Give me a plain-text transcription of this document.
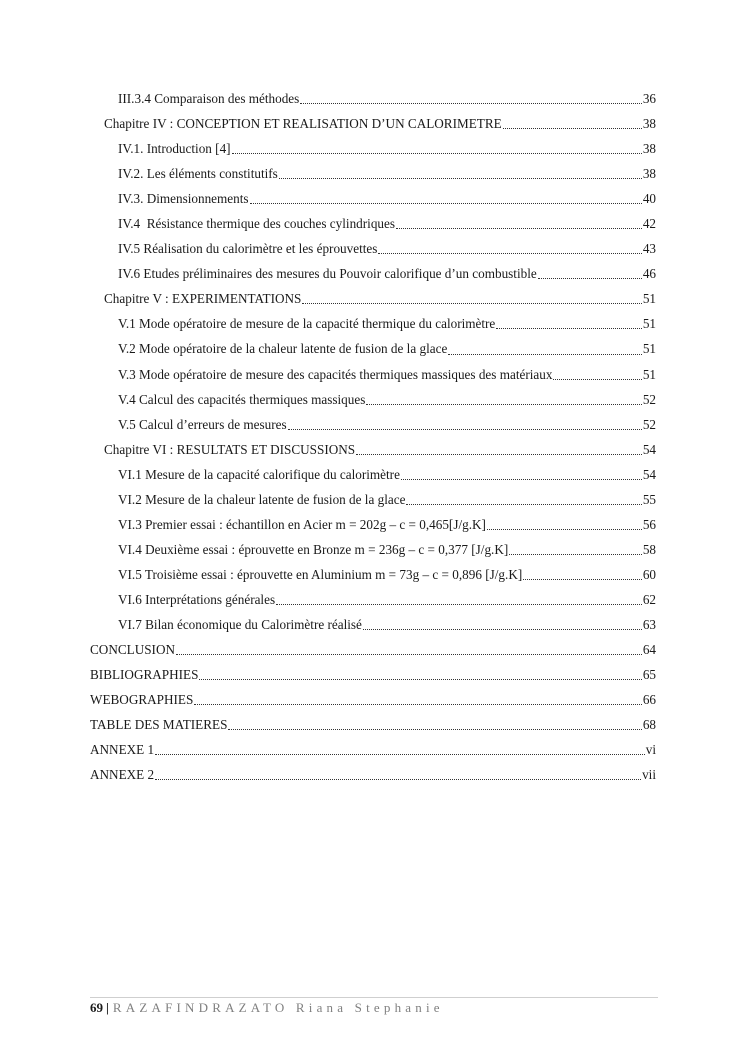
III.3.4 Comparaison des méthodes	36
Chapitre IV : CONCEPTION ET REALISATION D’UN CALORIMETRE	38
IV.1. Introduction [4]	38
IV.2. Les éléments constitutifs	38
IV.3. Dimensionnements	40
IV.4  Résistance thermique des couches cylindriques	42
IV.5 Réalisation du calorimètre et les éprouvettes	43
IV.6 Etudes préliminaires des mesures du Pouvoir calorifique d’un combustible	46
Chapitre V : EXPERIMENTATIONS	51
V.1 Mode opératoire de mesure de la capacité thermique du calorimètre	51
V.2 Mode opératoire de la chaleur latente de fusion de la glace	51
V.3 Mode opératoire de mesure des capacités thermiques massiques des matériaux	51
V.4 Calcul des capacités thermiques massiques	52
V.5 Calcul d’erreurs de mesures	52
Chapitre VI : RESULTATS ET DISCUSSIONS	54
VI.1 Mesure de la capacité calorifique du calorimètre	54
VI.2 Mesure de la chaleur latente de fusion de la glace	55
VI.3 Premier essai : échantillon en Acier m = 202g – c = 0,465[J/g.K]	56
VI.4 Deuxième essai : éprouvette en Bronze m = 236g – c = 0,377 [J/g.K]	58
VI.5 Troisième essai : éprouvette en Aluminium m = 73g – c = 0,896 [J/g.K]	60
VI.6 Interprétations générales	62
VI.7 Bilan économique du Calorimètre réalisé	63
CONCLUSION	64
BIBLIOGRAPHIES	65
WEBOGRAPHIES	66
TABLE DES MATIERES	68
ANNEXE 1	vi
ANNEXE 2	vii
69 | RAZAFINDRAZATO Riana Stephanie
